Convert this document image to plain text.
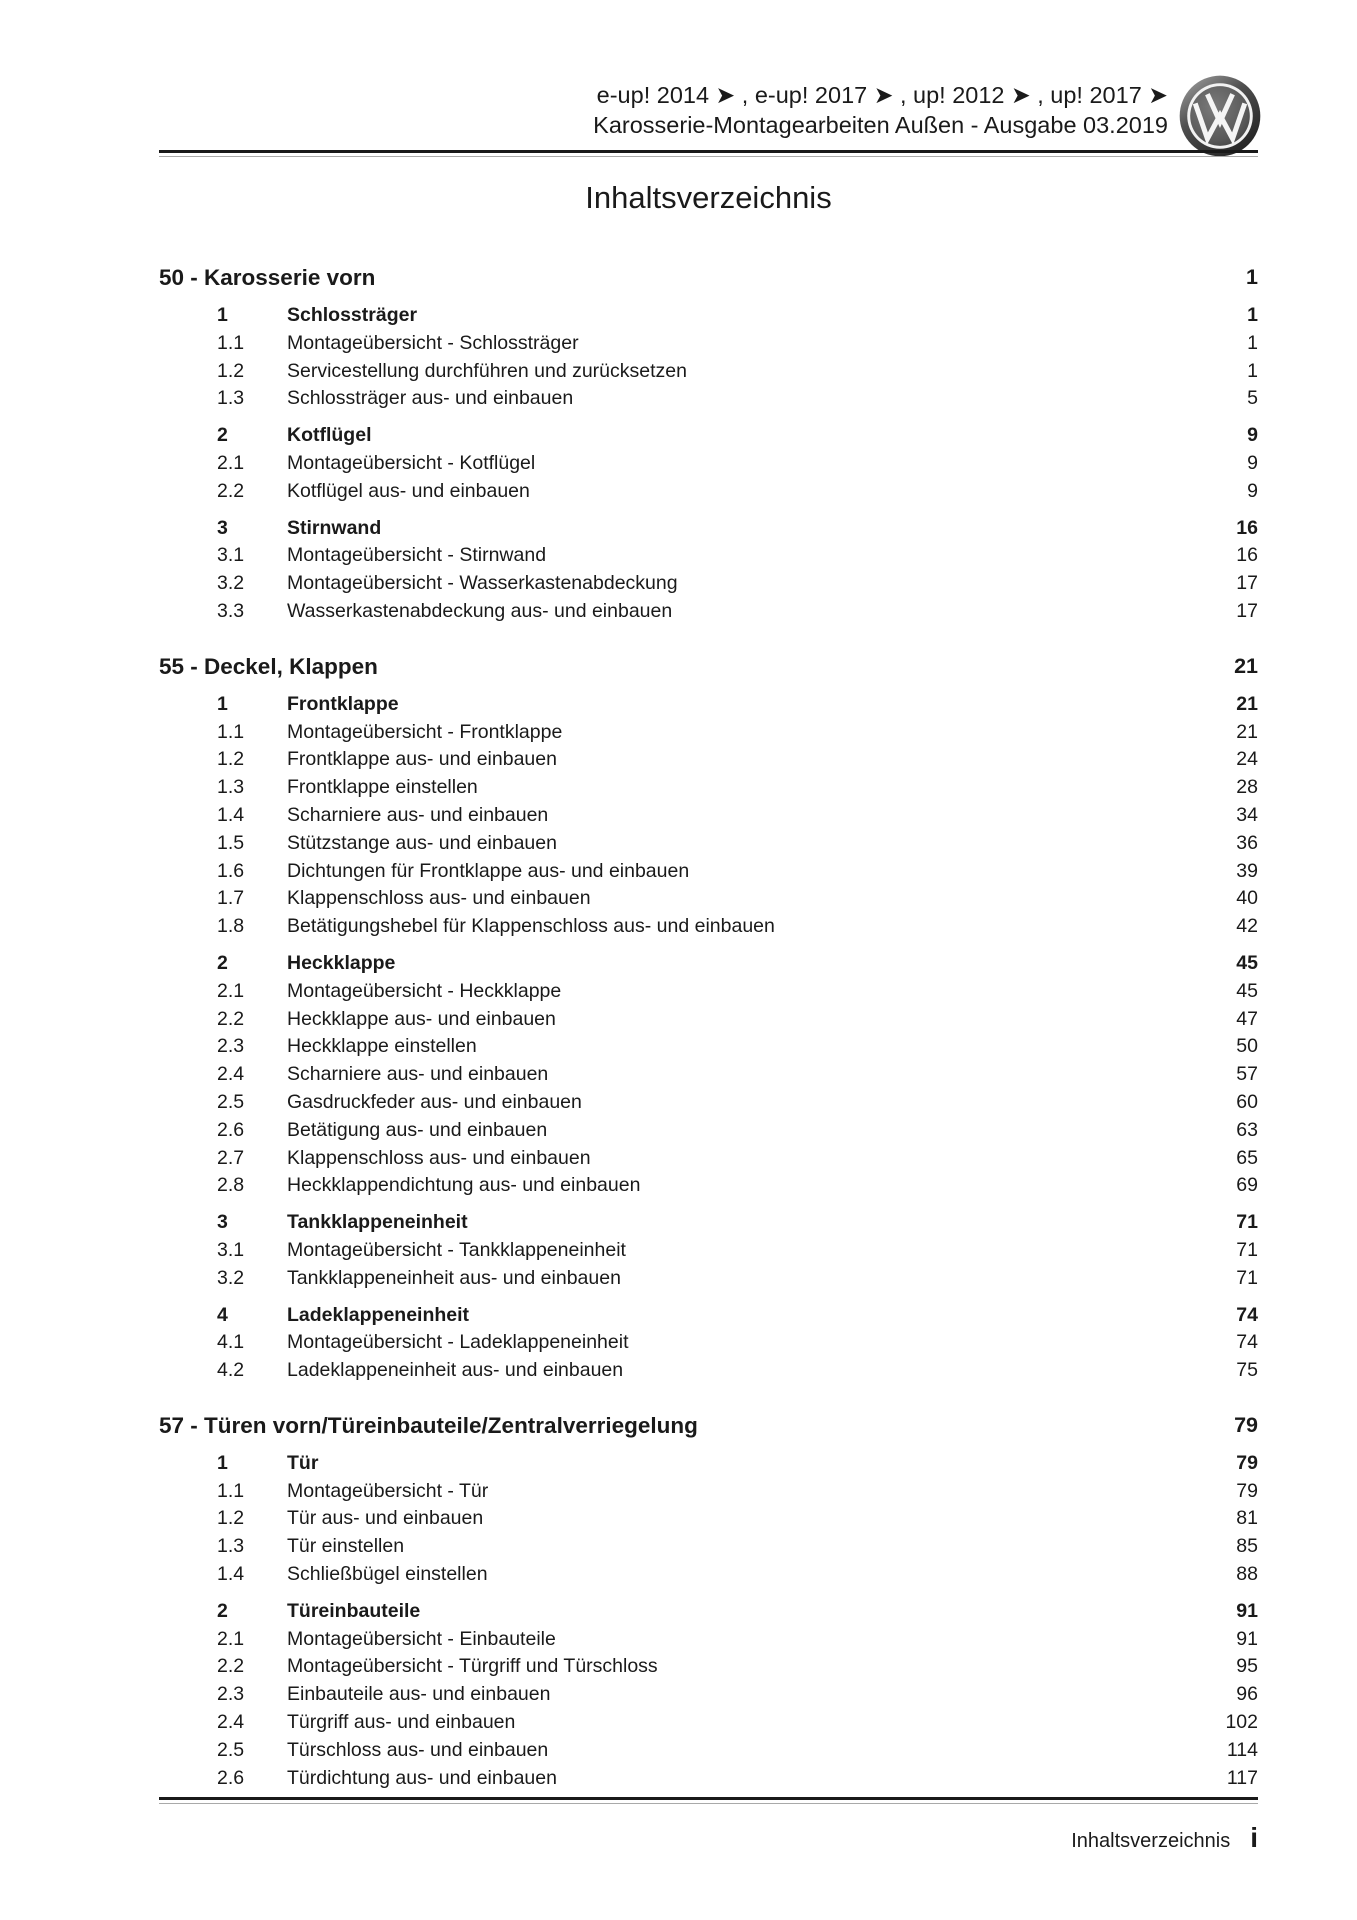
e-up! 2014 ➤ , e-up! 2017 ➤ , up! 2012 ➤ , up! 2017 ➤
Karosserie-Montagearbeiten Außen - Ausgabe 03.2019
Inhaltsverzeichnis
50 - Karosserie vorn	1
1	Schlossträger	1
1.1	Montageübersicht - Schlossträger	1
1.2	Servicestellung durchführen und zurücksetzen	1
1.3	Schlossträger aus- und einbauen	5
2	Kotflügel	9
2.1	Montageübersicht - Kotflügel	9
2.2	Kotflügel aus- und einbauen	9
3	Stirnwand	16
3.1	Montageübersicht - Stirnwand	16
3.2	Montageübersicht - Wasserkastenabdeckung	17
3.3	Wasserkastenabdeckung aus- und einbauen	17
55 - Deckel, Klappen	21
1	Frontklappe	21
1.1	Montageübersicht - Frontklappe	21
1.2	Frontklappe aus- und einbauen	24
1.3	Frontklappe einstellen	28
1.4	Scharniere aus- und einbauen	34
1.5	Stützstange aus- und einbauen	36
1.6	Dichtungen für Frontklappe aus- und einbauen	39
1.7	Klappenschloss aus- und einbauen	40
1.8	Betätigungshebel für Klappenschloss aus- und einbauen	42
2	Heckklappe	45
2.1	Montageübersicht - Heckklappe	45
2.2	Heckklappe aus- und einbauen	47
2.3	Heckklappe einstellen	50
2.4	Scharniere aus- und einbauen	57
2.5	Gasdruckfeder aus- und einbauen	60
2.6	Betätigung aus- und einbauen	63
2.7	Klappenschloss aus- und einbauen	65
2.8	Heckklappendichtung aus- und einbauen	69
3	Tankklappeneinheit	71
3.1	Montageübersicht - Tankklappeneinheit	71
3.2	Tankklappeneinheit aus- und einbauen	71
4	Ladeklappeneinheit	74
4.1	Montageübersicht - Ladeklappeneinheit	74
4.2	Ladeklappeneinheit aus- und einbauen	75
57 - Türen vorn/Türeinbauteile/Zentralverriegelung	79
1	Tür	79
1.1	Montageübersicht - Tür	79
1.2	Tür aus- und einbauen	81
1.3	Tür einstellen	85
1.4	Schließbügel einstellen	88
2	Türeinbauteile	91
2.1	Montageübersicht - Einbauteile	91
2.2	Montageübersicht - Türgriff und Türschloss	95
2.3	Einbauteile aus- und einbauen	96
2.4	Türgriff aus- und einbauen	102
2.5	Türschloss aus- und einbauen	114
2.6	Türdichtung aus- und einbauen	117
Inhaltsverzeichnis i
